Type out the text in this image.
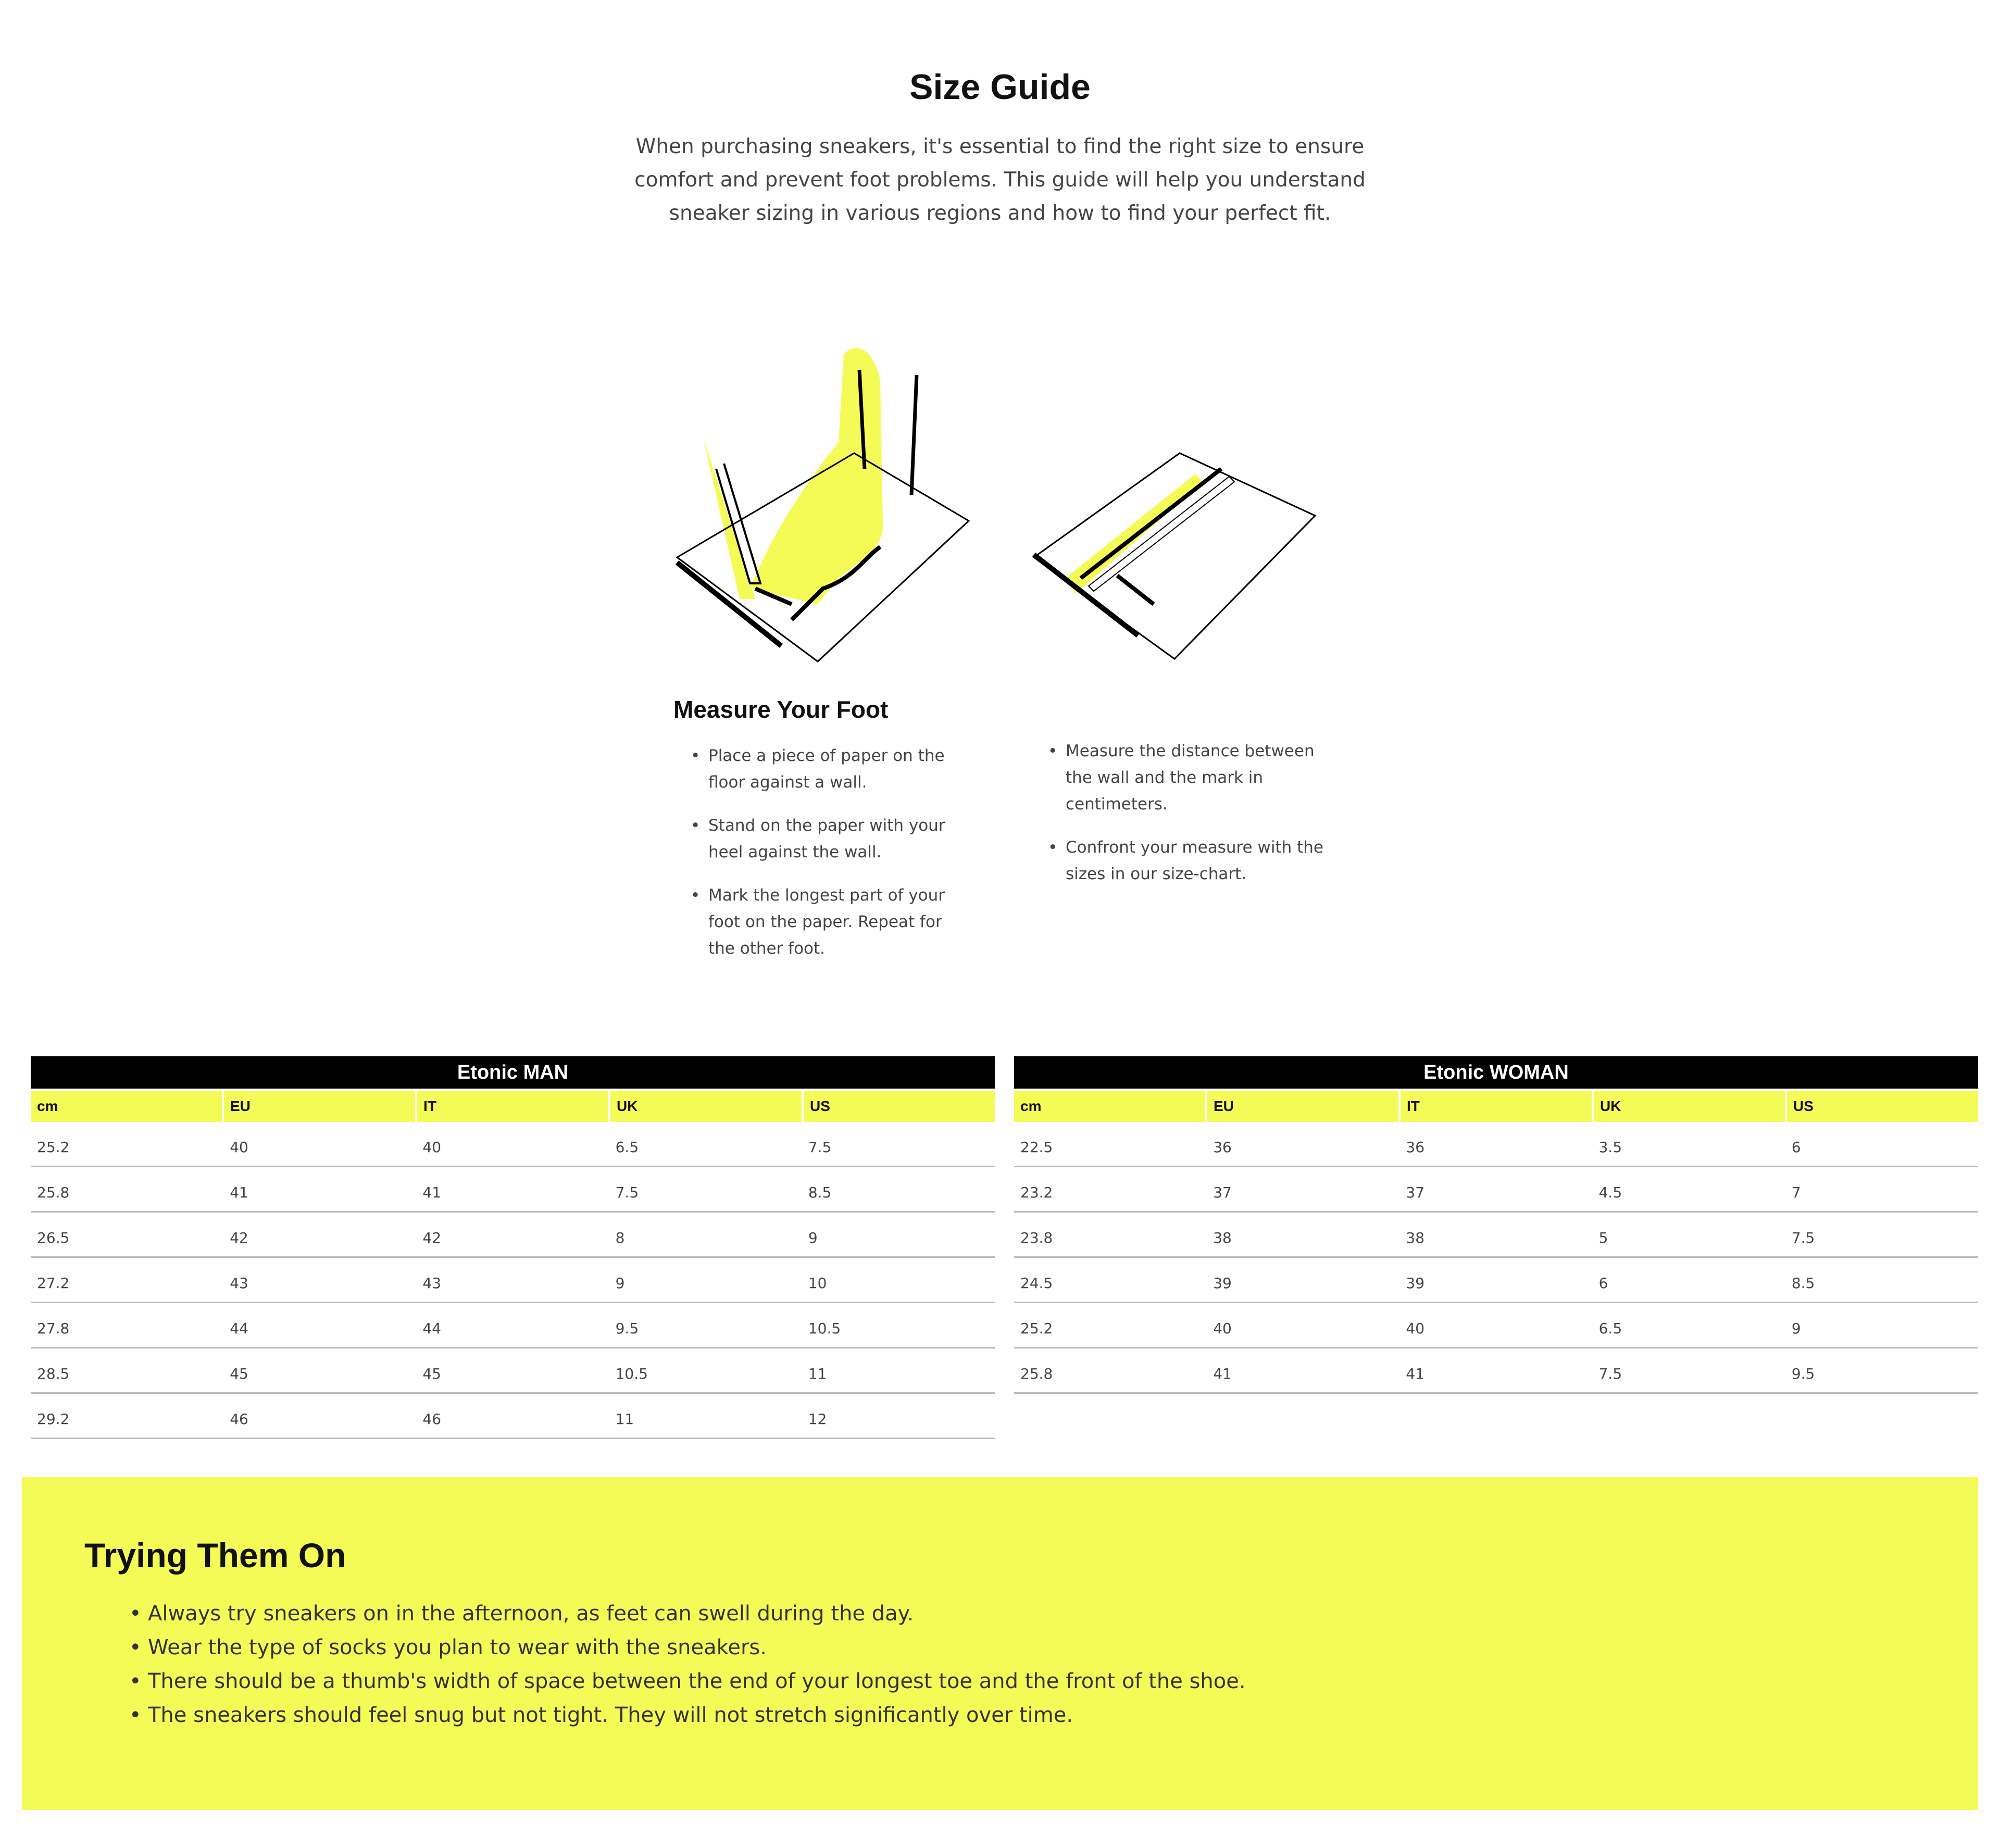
Size Guide

When purchasing sneakers, it's essential to find the right size to ensure comfort and prevent foot problems. This guide will help you understand sneaker sizing in various regions and how to find your perfect fit.

Measure Your Foot
• Place a piece of paper on the floor against a wall.
• Stand on the paper with your heel against the wall.
• Mark the longest part of your foot on the paper. Repeat for the other foot.
• Measure the distance between the wall and the mark in centimeters.
• Confront your measure with the sizes in our size-chart.
Etonic MAN
cm	EU	IT	UK	US
25.2	40	40	6.5	7.5
25.8	41	41	7.5	8.5
26.5	42	42	8	9
27.2	43	43	9	10
27.8	44	44	9.5	10.5
28.5	45	45	10.5	11
29.2	46	46	11	12
Etonic WOMAN
cm	EU	IT	UK	US
22.5	36	36	3.5	6
23.2	37	37	4.5	7
23.8	38	38	5	7.5
24.5	39	39	6	8.5
25.2	40	40	6.5	9
25.8	41	41	7.5	9.5
Trying Them On
• Always try sneakers on in the afternoon, as feet can swell during the day.
• Wear the type of socks you plan to wear with the sneakers.
• There should be a thumb's width of space between the end of your longest toe and the front of the shoe.
• The sneakers should feel snug but not tight. They will not stretch significantly over time.
